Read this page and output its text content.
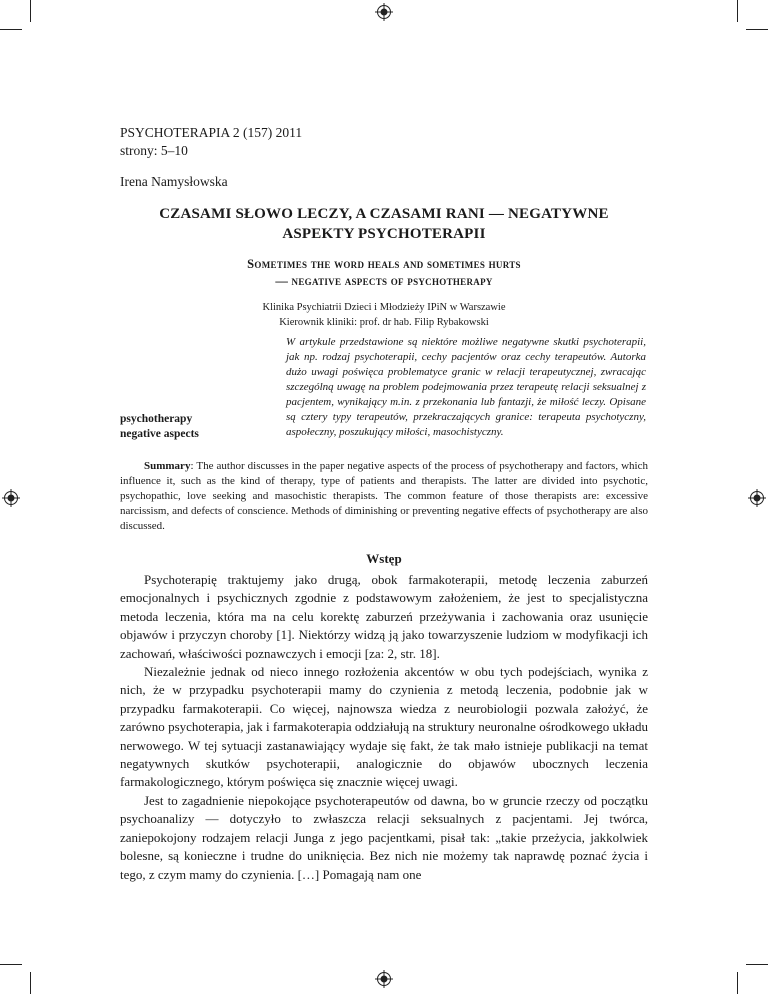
PSYCHOTERAPIA 2 (157) 2011
strony: 5–10
Irena Namysłowska
CZASAMI SŁOWO LECZY, A CZASAMI RANI — NEGATYWNE
ASPEKTY PSYCHOTERAPII
Sometimes the word heals and sometimes hurts
— negative aspects of psychotherapy
Klinika Psychiatrii Dzieci i Młodzieży IPiN w Warszawie
Kierownik kliniki: prof. dr hab. Filip Rybakowski
psychotherapy
negative aspects
W artykule przedstawione są niektóre możliwe negatywne skutki psychoterapii, jak np. rodzaj psychoterapii, cechy pacjentów oraz cechy terapeutów. Autorka dużo uwagi poświęca problematyce granic w relacji terapeutycznej, zwracając szczególną uwagę na problem podejmowania przez terapeutę relacji seksualnej z pacjentem, wynikający m.in. z przekonania lub fantazji, że miłość leczy. Opisane są cztery typy terapeutów, przekraczających granice: terapeuta psychotyczny, aspołeczny, poszukujący miłości, masochistyczny.
Summary: The author discusses in the paper negative aspects of the process of psychotherapy and factors, which influence it, such as the kind of therapy, type of patients and therapists. The latter are divided into psychotic, psychopathic, love seeking and masochistic therapists. The common feature of those therapists are: excessive narcissism, and defects of conscience. Methods of diminishing or preventing negative effects of psychotherapy are also discussed.
Wstęp

Psychoterapię traktujemy jako drugą, obok farmakoterapii, metodę leczenia zaburzeń emocjonalnych i psychicznych zgodnie z podstawowym założeniem, że jest to specjalistyczna metoda leczenia, która ma na celu korektę zaburzeń przeżywania i zachowania oraz usunięcie objawów i przyczyn choroby [1]. Niektórzy widzą ją jako towarzyszenie ludziom w modyfikacji ich zachowań, właściwości poznawczych i emocji [za: 2, str. 18].

Niezależnie jednak od nieco innego rozłożenia akcentów w obu tych podejściach, wynika z nich, że w przypadku psychoterapii mamy do czynienia z metodą leczenia, podobnie jak w przypadku farmakoterapii. Co więcej, najnowsza wiedza z neurobiologii pozwala założyć, że zarówno psychoterapia, jak i farmakoterapia oddziałują na struktury neuronalne ośrodkowego układu nerwowego. W tej sytuacji zastanawiający wydaje się fakt, że tak mało istnieje publikacji na temat negatywnych skutków psychoterapii, analogicznie do objawów ubocznych leczenia farmakologicznego, którym poświęca się znacznie więcej uwagi.

Jest to zagadnienie niepokojące psychoterapeutów od dawna, bo w gruncie rzeczy od początku psychoanalizy — dotyczyło to zwłaszcza relacji seksualnych z pacjentami. Jej twórca, zaniepokojony rodzajem relacji Junga z jego pacjentkami, pisał tak: „takie przeżycia, jakkolwiek bolesne, są konieczne i trudne do uniknięcia. Bez nich nie możemy tak naprawdę poznać życia i tego, z czym mamy do czynienia. […] Pomagają nam one
